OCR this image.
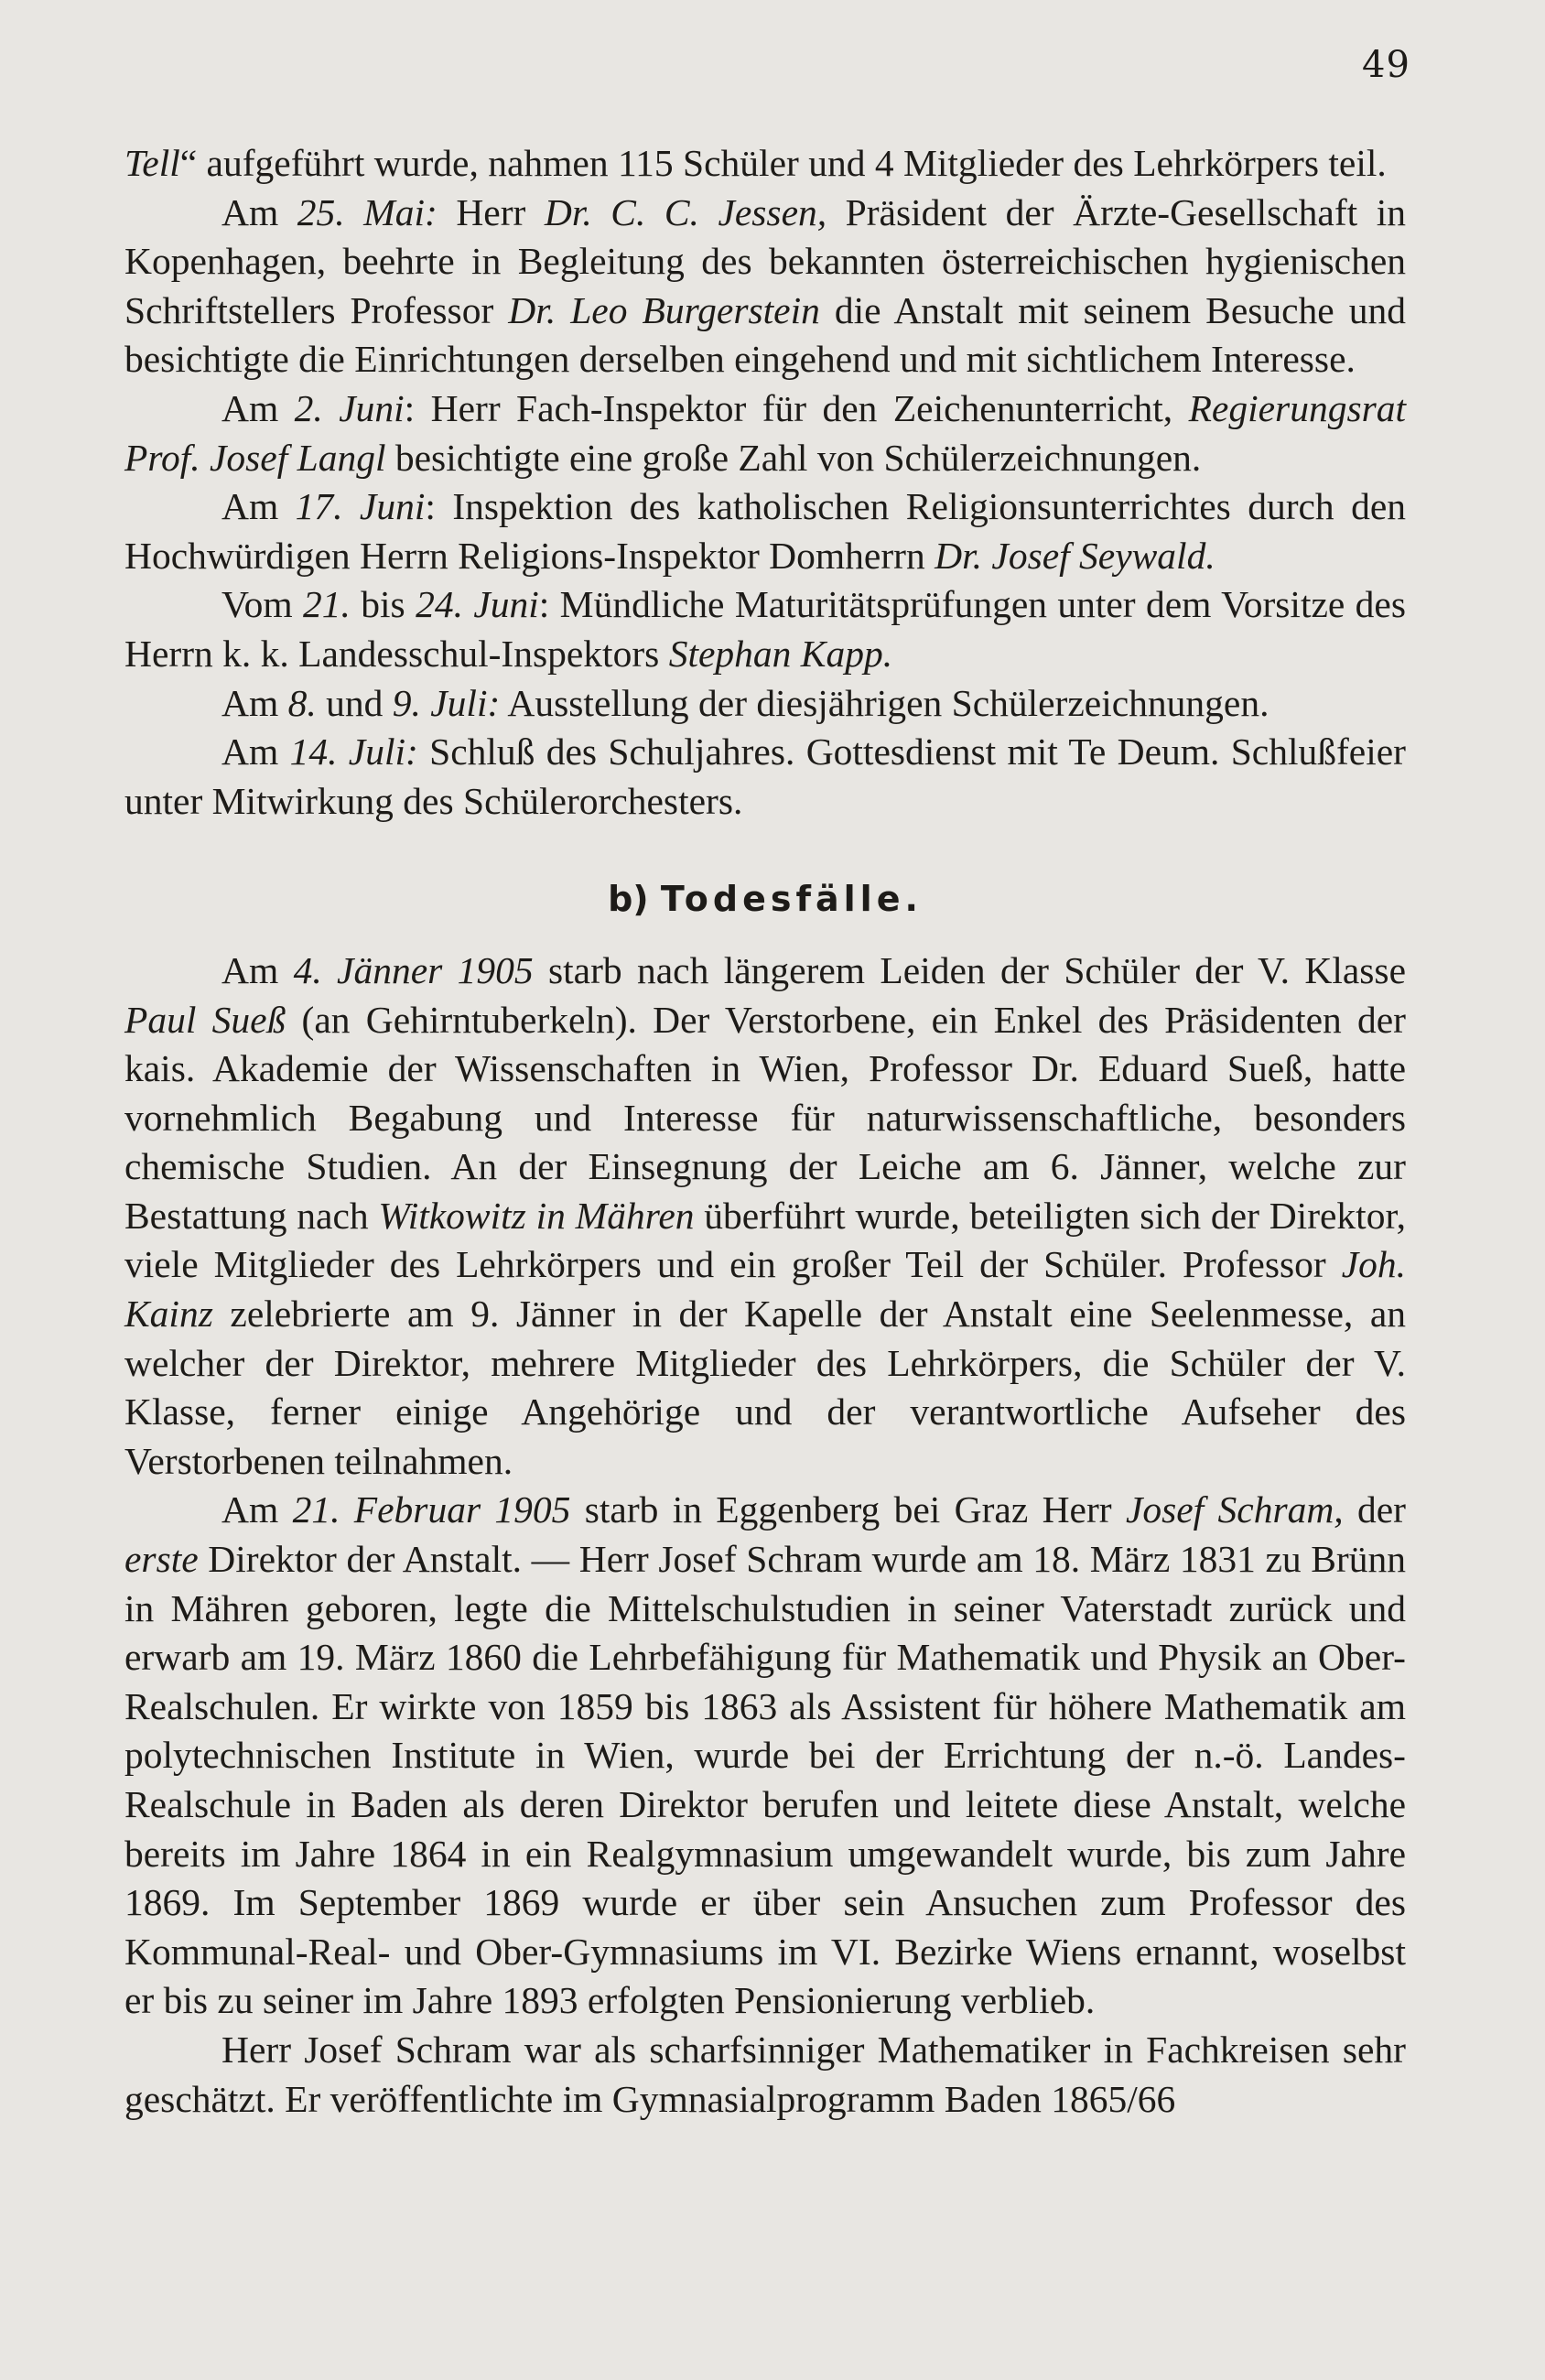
49

Tell“ aufgeführt wurde, nahmen 115 Schüler und 4 Mitglieder des Lehrkörpers teil.

Am 25. Mai: Herr Dr. C. C. Jessen, Präsident der Ärzte-Gesellschaft in Kopenhagen, beehrte in Begleitung des bekannten österreichischen hygienischen Schriftstellers Professor Dr. Leo Burgerstein die Anstalt mit seinem Besuche und besichtigte die Einrichtungen derselben eingehend und mit sichtlichem Interesse.

Am 2. Juni: Herr Fach-Inspektor für den Zeichenunterricht, Regierungsrat Prof. Josef Langl besichtigte eine große Zahl von Schülerzeichnungen.

Am 17. Juni: Inspektion des katholischen Religionsunterrichtes durch den Hochwürdigen Herrn Religions-Inspektor Domherrn Dr. Josef Seywald.

Vom 21. bis 24. Juni: Mündliche Maturitätsprüfungen unter dem Vorsitze des Herrn k. k. Landesschul-Inspektors Stephan Kapp.

Am 8. und 9. Juli: Ausstellung der diesjährigen Schülerzeichnungen.

Am 14. Juli: Schluß des Schuljahres. Gottesdienst mit Te Deum. Schlußfeier unter Mitwirkung des Schülerorchesters.

b) Todesfälle.

Am 4. Jänner 1905 starb nach längerem Leiden der Schüler der V. Klasse Paul Sueß (an Gehirntuberkeln). Der Verstorbene, ein Enkel des Präsidenten der kais. Akademie der Wissenschaften in Wien, Professor Dr. Eduard Sueß, hatte vornehmlich Begabung und Interesse für naturwissenschaftliche, besonders chemische Studien. An der Einsegnung der Leiche am 6. Jänner, welche zur Bestattung nach Witkowitz in Mähren überführt wurde, beteiligten sich der Direktor, viele Mitglieder des Lehrkörpers und ein großer Teil der Schüler. Professor Joh. Kainz zelebrierte am 9. Jänner in der Kapelle der Anstalt eine Seelenmesse, an welcher der Direktor, mehrere Mitglieder des Lehrkörpers, die Schüler der V. Klasse, ferner einige Angehörige und der verantwortliche Aufseher des Verstorbenen teilnahmen.

Am 21. Februar 1905 starb in Eggenberg bei Graz Herr Josef Schram, der erste Direktor der Anstalt. — Herr Josef Schram wurde am 18. März 1831 zu Brünn in Mähren geboren, legte die Mittelschulstudien in seiner Vaterstadt zurück und erwarb am 19. März 1860 die Lehrbefähigung für Mathematik und Physik an Ober-Realschulen. Er wirkte von 1859 bis 1863 als Assistent für höhere Mathematik am polytechnischen Institute in Wien, wurde bei der Errichtung der n.-ö. Landes-Realschule in Baden als deren Direktor berufen und leitete diese Anstalt, welche bereits im Jahre 1864 in ein Realgymnasium umgewandelt wurde, bis zum Jahre 1869. Im September 1869 wurde er über sein Ansuchen zum Professor des Kommunal-Real- und Ober-Gymnasiums im VI. Bezirke Wiens ernannt, woselbst er bis zu seiner im Jahre 1893 erfolgten Pensionierung verblieb.

Herr Josef Schram war als scharfsinniger Mathematiker in Fachkreisen sehr geschätzt. Er veröffentlichte im Gymnasialprogramm Baden 1865/66
